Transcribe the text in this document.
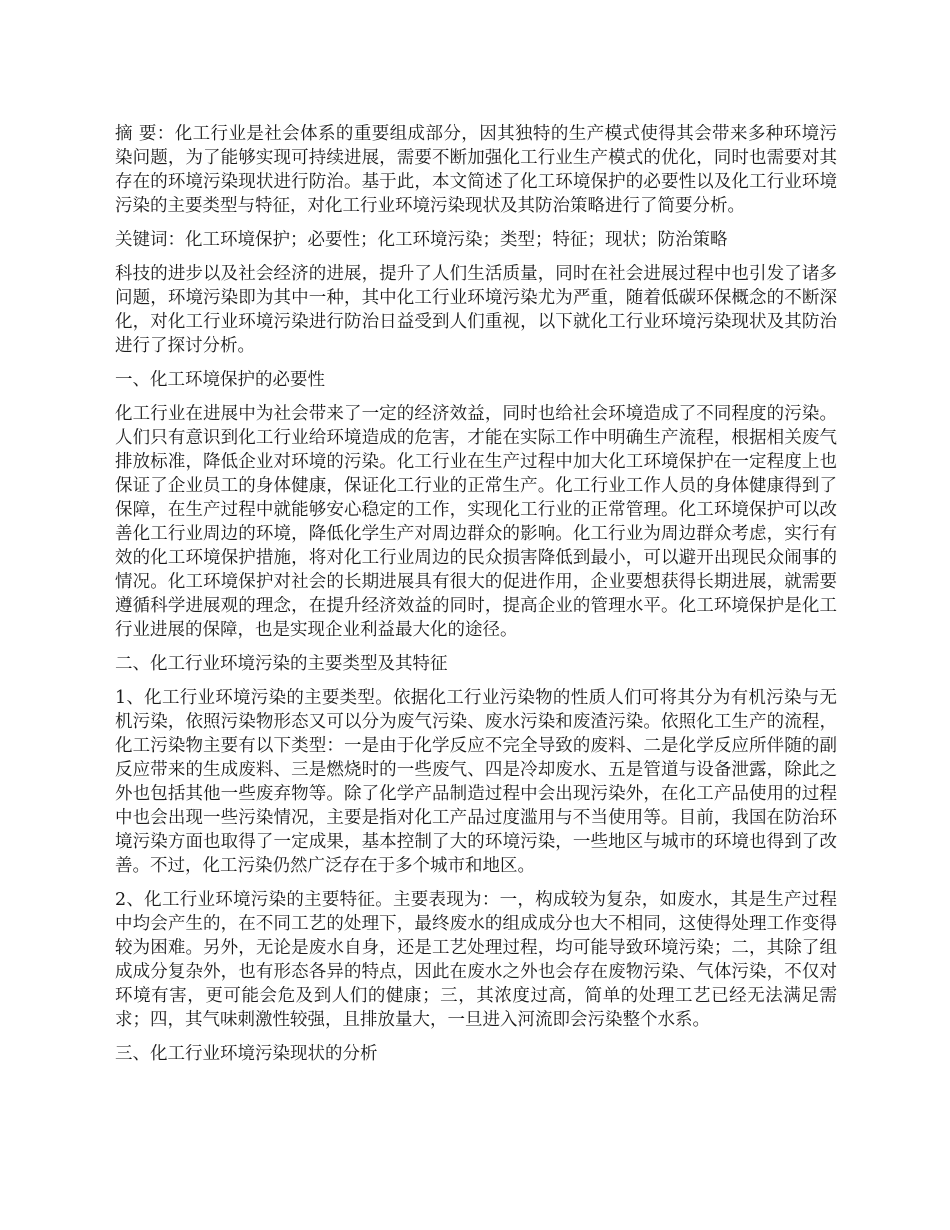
摘 要：化工行业是社会体系的重要组成部分，因其独特的生产模式使得其会带来多种环境污染问题，为了能够实现可持续进展，需要不断加强化工行业生产模式的优化，同时也需要对其存在的环境污染现状进行防治。基于此，本文简述了化工环境保护的必要性以及化工行业环境污染的主要类型与特征，对化工行业环境污染现状及其防治策略进行了简要分析。

关键词：化工环境保护；必要性；化工环境污染；类型；特征；现状；防治策略

科技的进步以及社会经济的进展，提升了人们生活质量，同时在社会进展过程中也引发了诸多问题，环境污染即为其中一种，其中化工行业环境污染尤为严重，随着低碳环保概念的不断深化，对化工行业环境污染进行防治日益受到人们重视，以下就化工行业环境污染现状及其防治进行了探讨分析。

一、化工环境保护的必要性

化工行业在进展中为社会带来了一定的经济效益，同时也给社会环境造成了不同程度的污染。人们只有意识到化工行业给环境造成的危害，才能在实际工作中明确生产流程，根据相关废气排放标准，降低企业对环境的污染。化工行业在生产过程中加大化工环境保护在一定程度上也保证了企业员工的身体健康，保证化工行业的正常生产。化工行业工作人员的身体健康得到了保障，在生产过程中就能够安心稳定的工作，实现化工行业的正常管理。化工环境保护可以改善化工行业周边的环境，降低化学生产对周边群众的影响。化工行业为周边群众考虑，实行有效的化工环境保护措施，将对化工行业周边的民众损害降低到最小，可以避开出现民众闹事的情况。化工环境保护对社会的长期进展具有很大的促进作用，企业要想获得长期进展，就需要遵循科学进展观的理念，在提升经济效益的同时，提高企业的管理水平。化工环境保护是化工行业进展的保障，也是实现企业利益最大化的途径。

二、化工行业环境污染的主要类型及其特征

1、化工行业环境污染的主要类型。依据化工行业污染物的性质人们可将其分为有机污染与无机污染，依照污染物形态又可以分为废气污染、废水污染和废渣污染。依照化工生产的流程，化工污染物主要有以下类型：一是由于化学反应不完全导致的废料、二是化学反应所伴随的副反应带来的生成废料、三是燃烧时的一些废气、四是冷却废水、五是管道与设备泄露，除此之外也包括其他一些废弃物等。除了化学产品制造过程中会出现污染外，在化工产品使用的过程中也会出现一些污染情况，主要是指对化工产品过度滥用与不当使用等。目前，我国在防治环境污染方面也取得了一定成果，基本控制了大的环境污染，一些地区与城市的环境也得到了改善。不过，化工污染仍然广泛存在于多个城市和地区。

2、化工行业环境污染的主要特征。主要表现为：一，构成较为复杂，如废水，其是生产过程中均会产生的，在不同工艺的处理下，最终废水的组成成分也大不相同，这使得处理工作变得较为困难。另外，无论是废水自身，还是工艺处理过程，均可能导致环境污染；二，其除了组成成分复杂外，也有形态各异的特点，因此在废水之外也会存在废物污染、气体污染，不仅对环境有害，更可能会危及到人们的健康；三，其浓度过高，简单的处理工艺已经无法满足需求；四，其气味刺激性较强，且排放量大，一旦进入河流即会污染整个水系。

三、化工行业环境污染现状的分析
